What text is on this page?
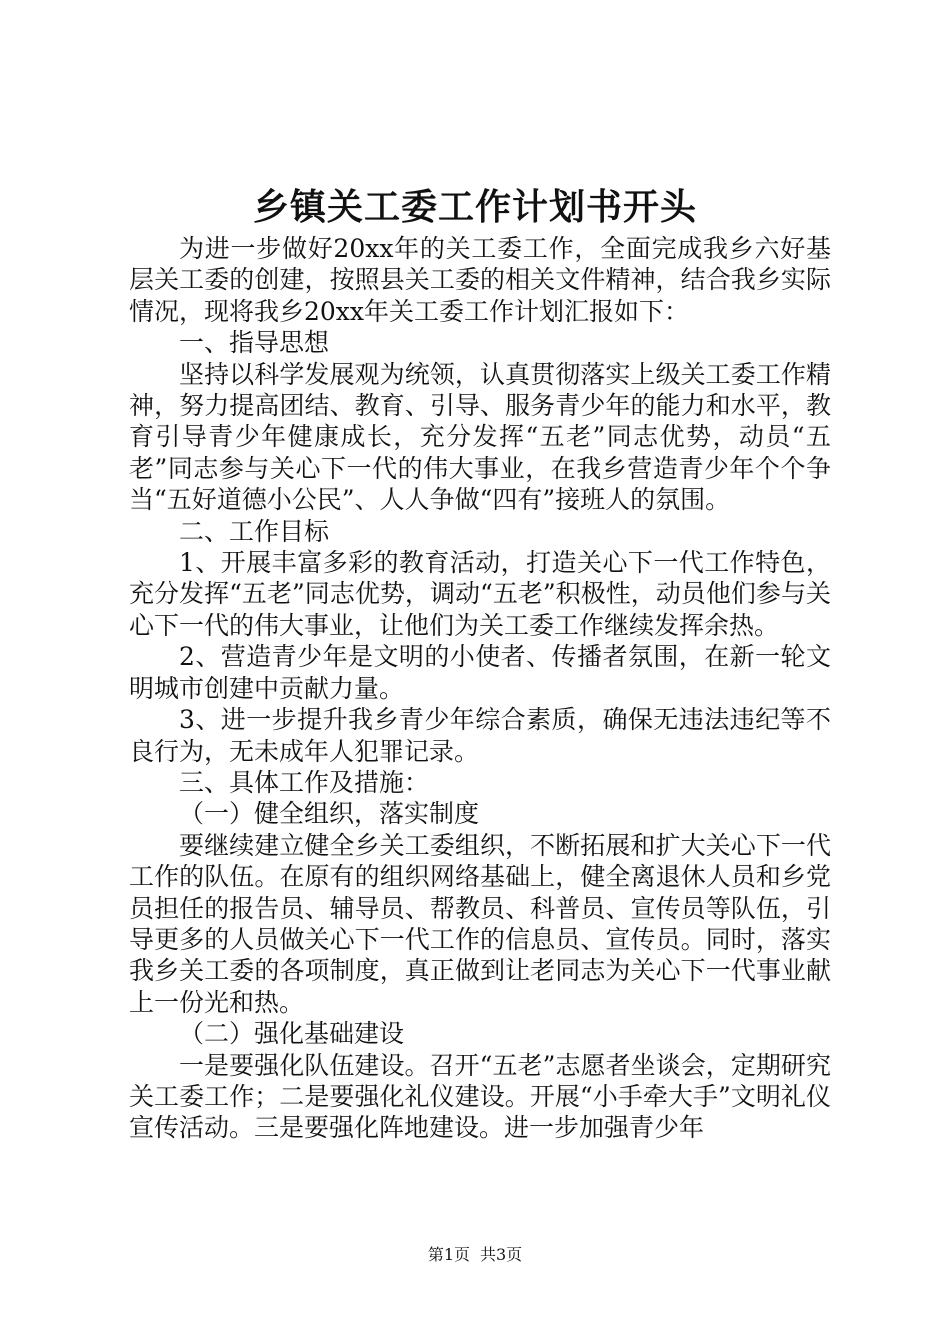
乡镇关工委工作计划书开头

为进一步做好20xx年的关工委工作，全面完成我乡六好基层关工委的创建，按照县关工委的相关文件精神，结合我乡实际情况，现将我乡20xx年关工委工作计划汇报如下：

一、指导思想

坚持以科学发展观为统领，认真贯彻落实上级关工委工作精神，努力提高团结、教育、引导、服务青少年的能力和水平，教育引导青少年健康成长，充分发挥“五老”同志优势，动员“五老”同志参与关心下一代的伟大事业，在我乡营造青少年个个争当“五好道德小公民”、人人争做“四有”接班人的氛围。

二、工作目标

1、开展丰富多彩的教育活动，打造关心下一代工作特色，充分发挥“五老”同志优势，调动“五老”积极性，动员他们参与关心下一代的伟大事业，让他们为关工委工作继续发挥余热。

2、营造青少年是文明的小使者、传播者氛围，在新一轮文明城市创建中贡献力量。

3、进一步提升我乡青少年综合素质，确保无违法违纪等不良行为，无未成年人犯罪记录。

三、具体工作及措施：

（一）健全组织，落实制度

要继续建立健全乡关工委组织，不断拓展和扩大关心下一代工作的队伍。在原有的组织网络基础上，健全离退休人员和乡党员担任的报告员、辅导员、帮教员、科普员、宣传员等队伍，引导更多的人员做关心下一代工作的信息员、宣传员。同时，落实我乡关工委的各项制度，真正做到让老同志为关心下一代事业献上一份光和热。

（二）强化基础建设

一是要强化队伍建设。召开“五老”志愿者坐谈会，定期研究关工委工作；二是要强化礼仪建设。开展“小手牵大手”文明礼仪宣传活动。三是要强化阵地建设。进一步加强青少年

第1页 共3页
